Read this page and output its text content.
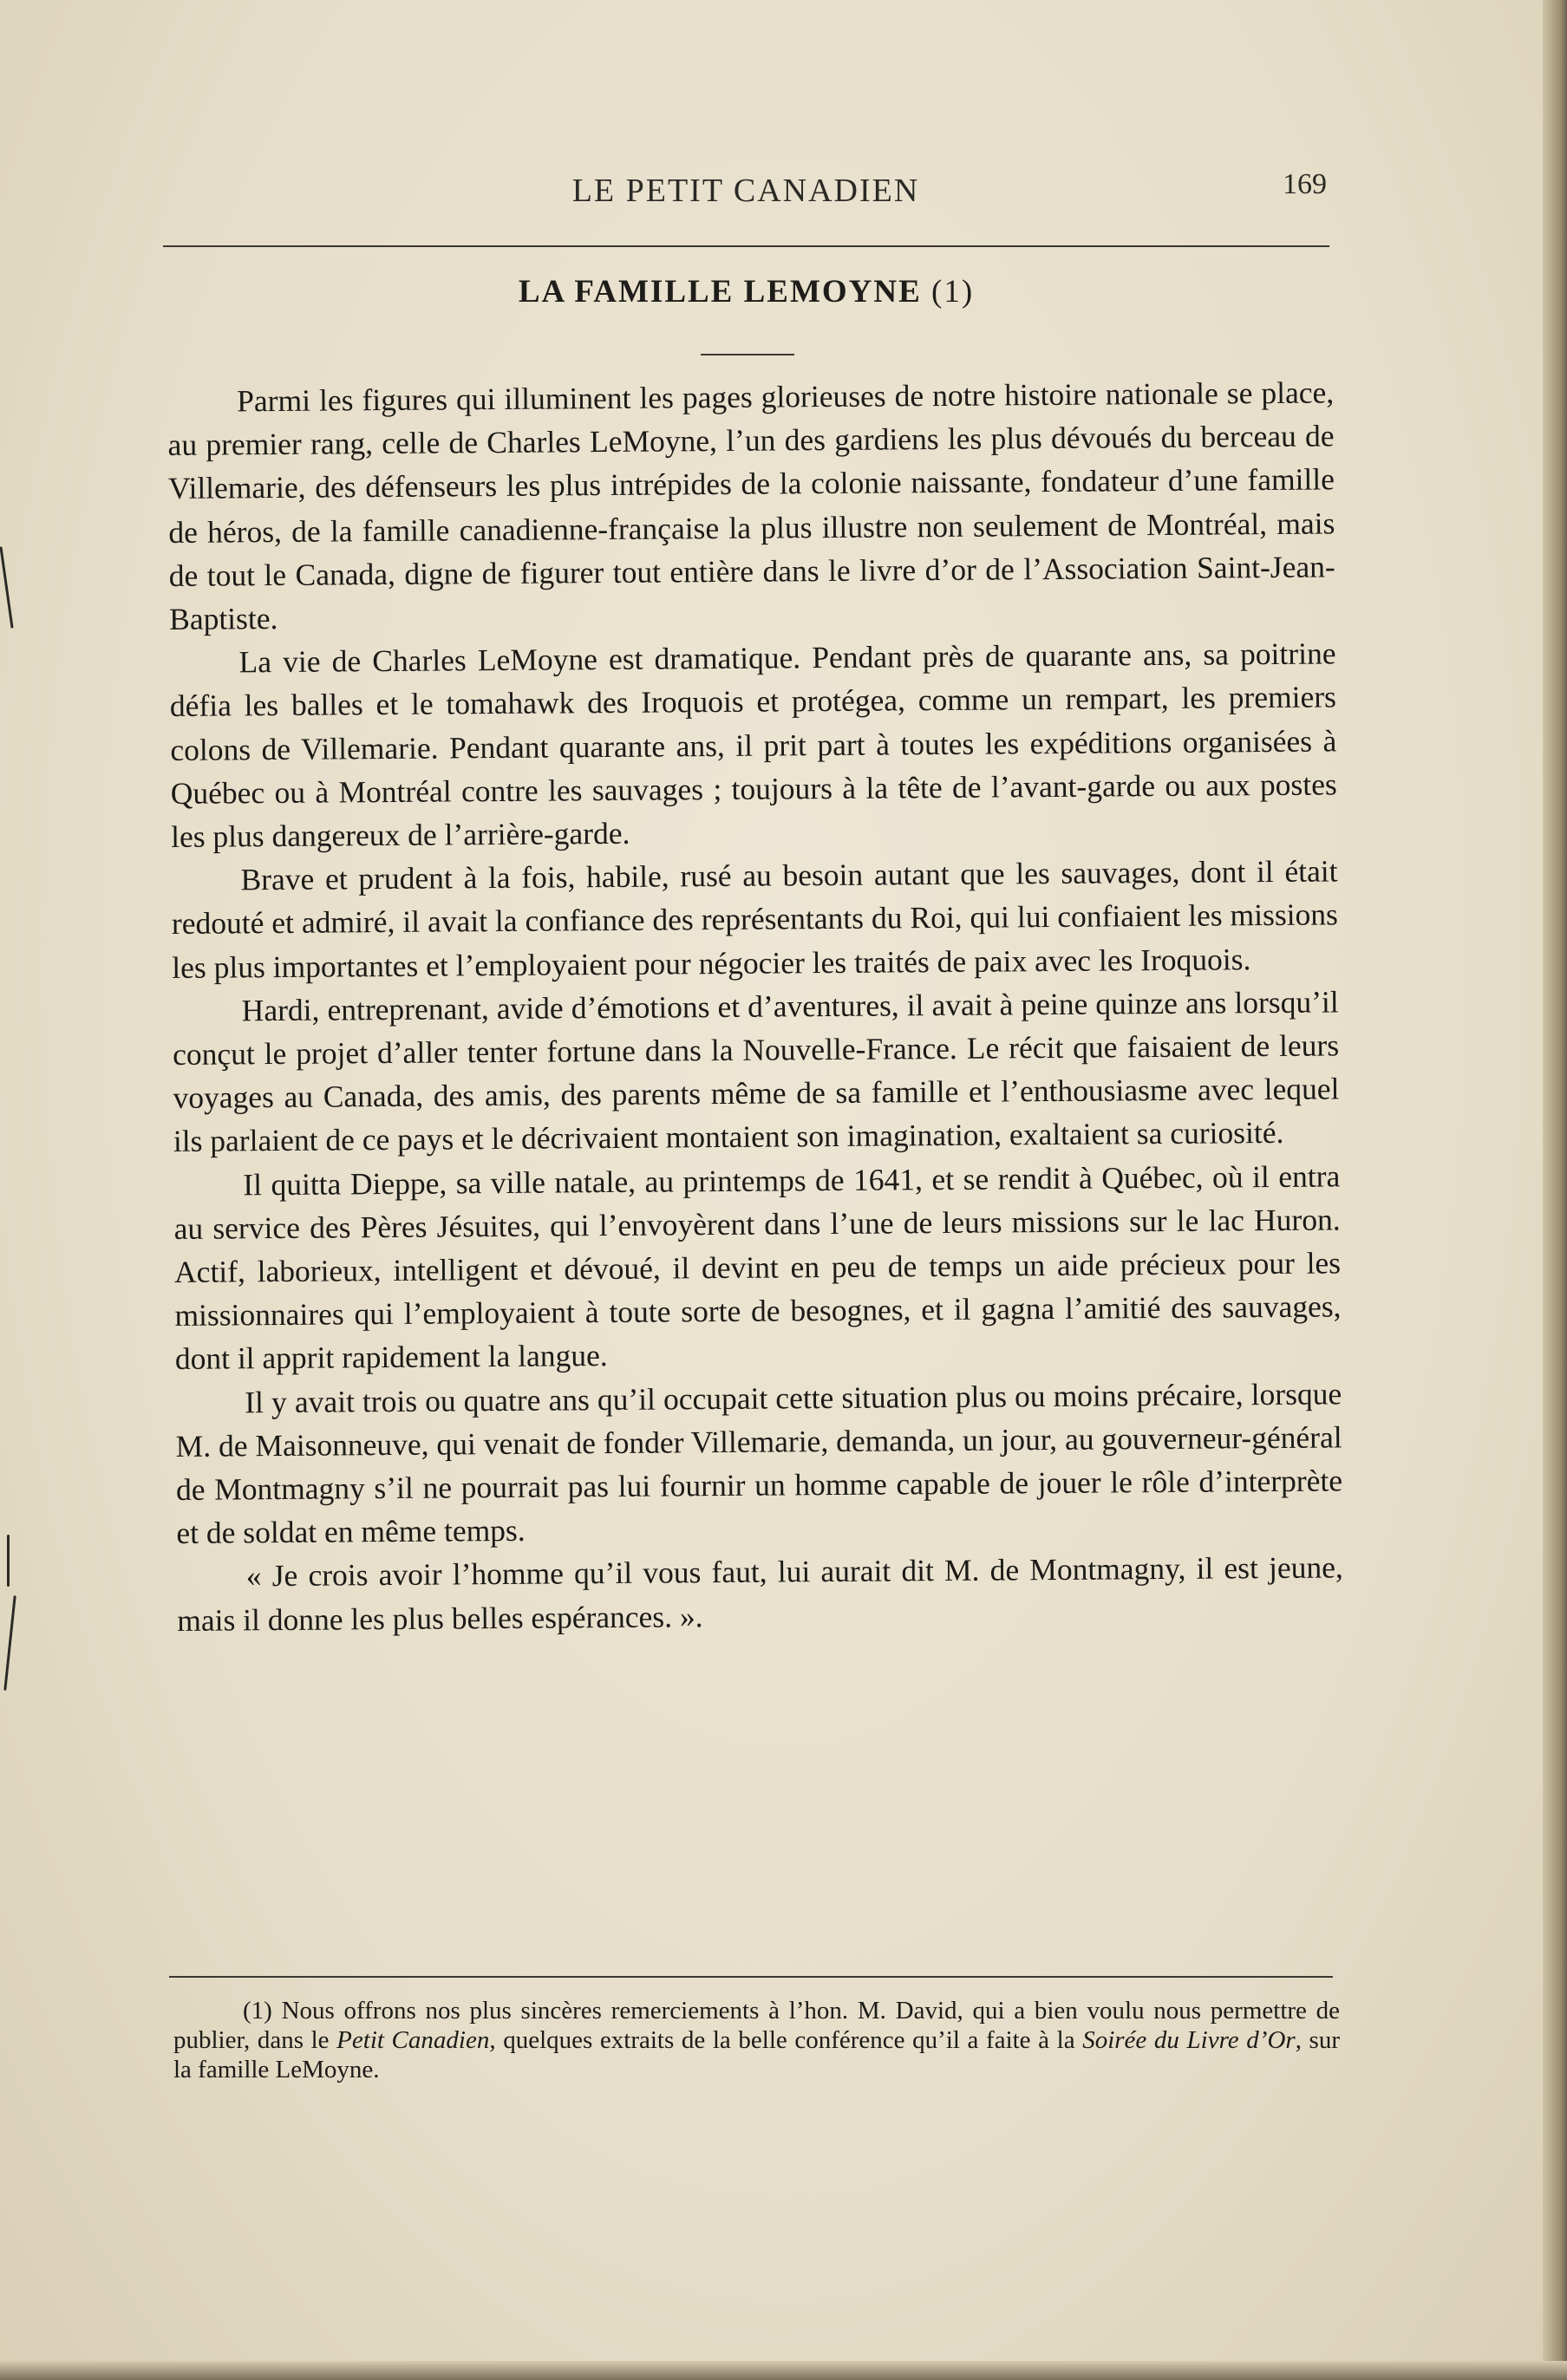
LE PETIT CANADIEN	169
LA FAMILLE LEMOYNE (1)

Parmi les figures qui illuminent les pages glorieuses de notre histoire nationale se place, au premier rang, celle de Charles LeMoyne, l’un des gardiens les plus dévoués du berceau de Villemarie, des défenseurs les plus intrépides de la colonie naissante, fondateur d’une famille de héros, de la famille canadienne-française la plus illustre non seulement de Montréal, mais de tout le Canada, digne de figurer tout entière dans le livre d’or de l’Association Saint-Jean-Baptiste.

La vie de Charles LeMoyne est dramatique. Pendant près de quarante ans, sa poitrine défia les balles et le tomahawk des Iroquois et protégea, comme un rempart, les premiers colons de Villemarie. Pendant quarante ans, il prit part à toutes les expéditions organisées à Québec ou à Montréal contre les sauvages ; toujours à la tête de l’avant-garde ou aux postes les plus dangereux de l’arrière-garde.

Brave et prudent à la fois, habile, rusé au besoin autant que les sauvages, dont il était redouté et admiré, il avait la confiance des représentants du Roi, qui lui confiaient les missions les plus importantes et l’employaient pour négocier les traités de paix avec les Iroquois.

Hardi, entreprenant, avide d’émotions et d’aventures, il avait à peine quinze ans lorsqu’il conçut le projet d’aller tenter fortune dans la Nouvelle-France. Le récit que faisaient de leurs voyages au Canada, des amis, des parents même de sa famille et l’enthousiasme avec lequel ils parlaient de ce pays et le décrivaient montaient son imagination, exaltaient sa curiosité.

Il quitta Dieppe, sa ville natale, au printemps de 1641, et se rendit à Québec, où il entra au service des Pères Jésuites, qui l’envoyèrent dans l’une de leurs missions sur le lac Huron. Actif, laborieux, intelligent et dévoué, il devint en peu de temps un aide précieux pour les missionnaires qui l’employaient à toute sorte de besognes, et il gagna l’amitié des sauvages, dont il apprit rapidement la langue.

Il y avait trois ou quatre ans qu’il occupait cette situation plus ou moins précaire, lorsque M. de Maisonneuve, qui venait de fonder Villemarie, demanda, un jour, au gouverneur-général de Montmagny s’il ne pourrait pas lui fournir un homme capable de jouer le rôle d’interprète et de soldat en même temps.

« Je crois avoir l’homme qu’il vous faut, lui aurait dit M. de Montmagny, il est jeune, mais il donne les plus belles espérances. ».

(1) Nous offrons nos plus sincères remerciements à l’hon. M. David, qui a bien voulu nous permettre de publier, dans le Petit Canadien, quelques extraits de la belle conférence qu’il a faite à la Soirée du Livre d’Or, sur la famille LeMoyne.
